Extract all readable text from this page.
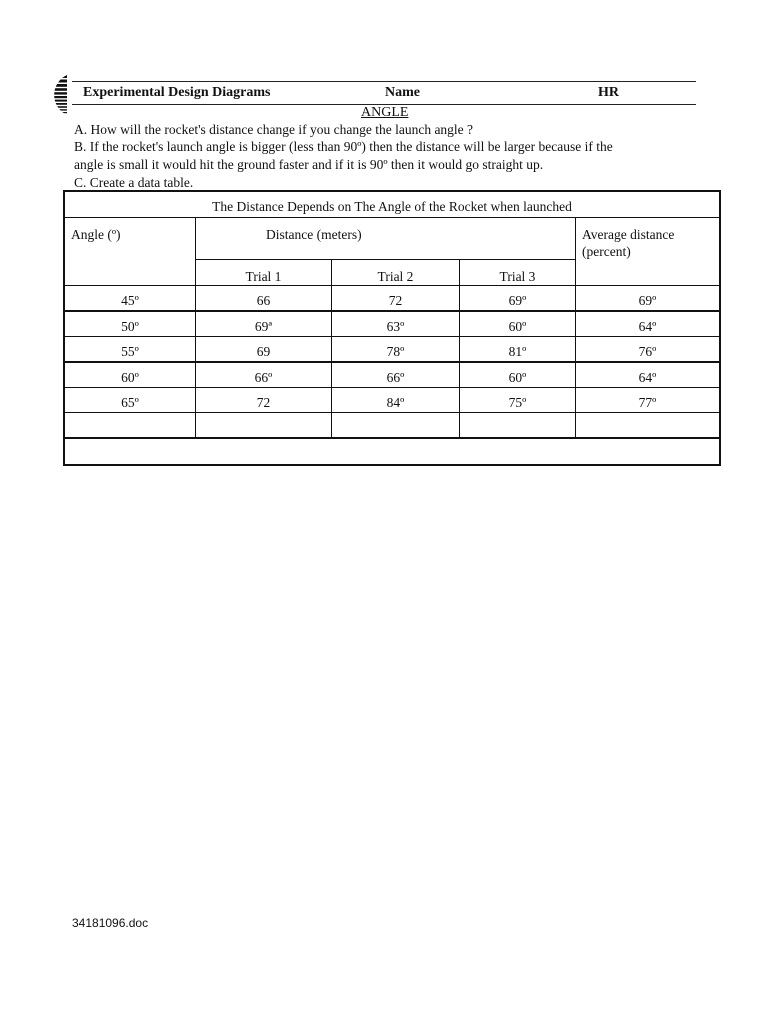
Experimental Design Diagrams	Name	HR
ANGLE
A. How will the rocket's distance change if you change the launch angle ?
B. If the rocket's launch angle is bigger (less than 90º) then the distance will be larger because if the
angle is small it would hit the ground faster and if it is 90º then it would go straight up.
C. Create a data table.
The Distance Depends on The Angle of the Rocket when launched
Angle (º)	Distance (meters)	Average distance
(percent)
Trial 1	Trial 2	Trial 3
45º	66	72	69º	69º
50º	69ª	63º	60º	64º
55º	69	78º	81º	76º
60º	66º	66º	60º	64º
65º	72	84º	75º	77º
34181096.doc
